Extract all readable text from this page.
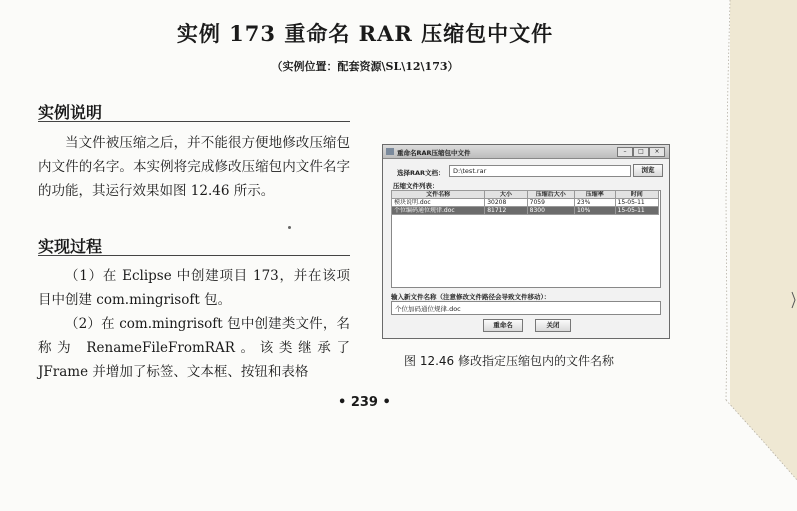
实例 173 重命名 RAR 压缩包中文件
（实例位置：配套资源\SL\12\173）
实例说明
当文件被压缩之后，并不能很方便地修改压缩包内文件的名字。本实例将完成修改压缩包内文件名字的功能，其运行效果如图 12.46 所示。
实现过程
（1）在 Eclipse 中创建项目 173，并在该项目中创建 com.mingrisoft 包。
（2）在 com.mingrisoft 包中创建类文件，名称为 RenameFileFromRAR。该类继承了 JFrame 并增加了标签、文本框、按钮和表格
重命名RAR压缩包中文件	–	□	×
选择RAR文档： D:\test.rar	浏览
压缩文件列表：
文件名称	大小	压缩后大小	压缩率	时间
模块说明.doc	30208	7059	23%	15-05-11
个位编码通位规律.doc	81712	8300	10%	15-05-11
输入新文件名称（注意修改文件路径会导致文件移动）：
个位加码通位规律.doc
重命名	关闭
图 12.46 修改指定压缩包内的文件名称
• 239 •
